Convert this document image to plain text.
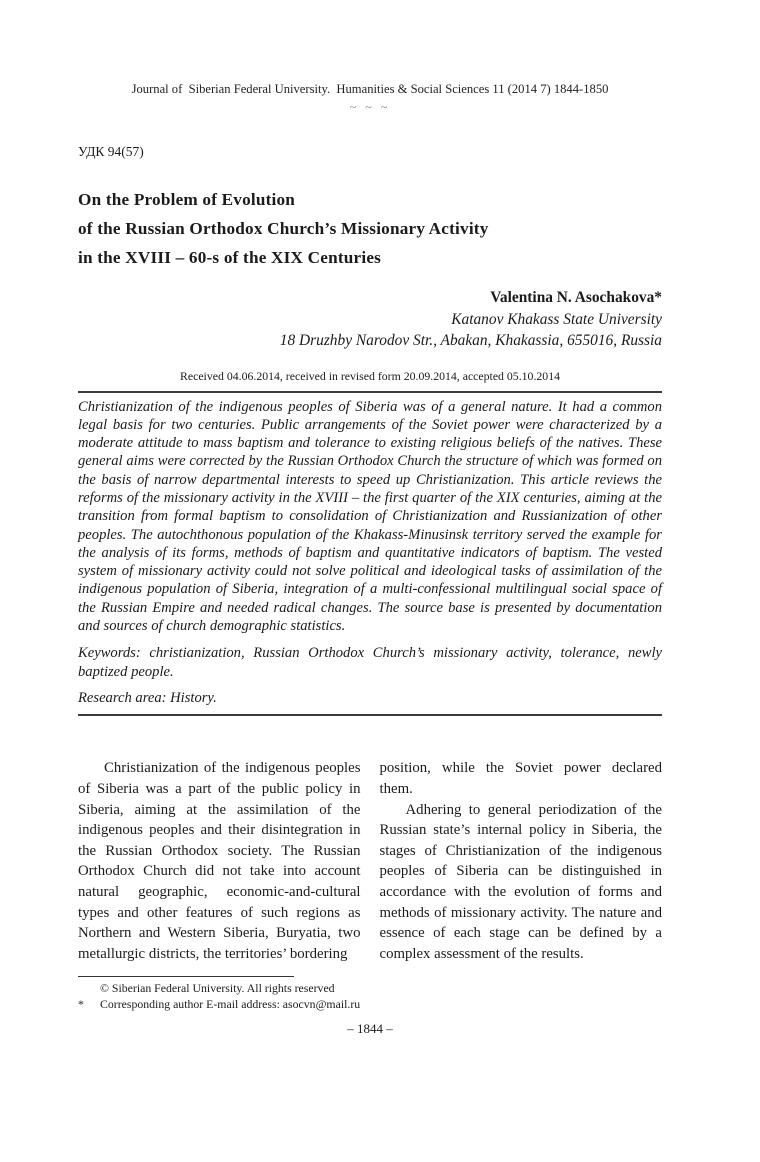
Journal of  Siberian Federal University.  Humanities & Social Sciences 11 (2014 7) 1844-1850
~ ~ ~
УДК 94(57)
On the Problem of Evolution
of the Russian Orthodox Church’s Missionary Activity
in the XVIII – 60-s of the XIX Centuries
Valentina N. Asochakova*
Katanov Khakass State University
18 Druzhby Narodov Str., Abakan, Khakassia, 655016, Russia
Received 04.06.2014, received in revised form 20.09.2014, accepted 05.10.2014

Christianization of the indigenous peoples of Siberia was of a general nature. It had a common legal basis for two centuries. Public arrangements of the Soviet power were characterized by a moderate attitude to mass baptism and tolerance to existing religious beliefs of the natives. These general aims were corrected by the Russian Orthodox Church the structure of which was formed on the basis of narrow departmental interests to speed up Christianization. This article reviews the reforms of the missionary activity in the XVIII – the first quarter of the XIX centuries, aiming at the transition from formal baptism to consolidation of Christianization and Russianization of other peoples. The autochthonous population of the Khakass-Minusinsk territory served the example for the analysis of its forms, methods of baptism and quantitative indicators of baptism. The vested system of missionary activity could not solve political and ideological tasks of assimilation of the indigenous population of Siberia, integration of a multi-confessional multilingual social space of the Russian Empire and needed radical changes. The source base is presented by documentation and sources of church demographic statistics.

Keywords: christianization, Russian Orthodox Church’s missionary activity, tolerance, newly baptized people.

Research area: History.

Christianization of the indigenous peoples of Siberia was a part of the public policy in Siberia, aiming at the assimilation of the indigenous peoples and their disintegration in the Russian Orthodox society. The Russian Orthodox Church did not take into account natural geographic, economic-and-cultural types and other features of such regions as Northern and Western Siberia, Buryatia, two metallurgic districts, the territories’ bordering

position, while the Soviet power declared them.

Adhering to general periodization of the Russian state’s internal policy in Siberia, the stages of Christianization of the indigenous peoples of Siberia can be distinguished in accordance with the evolution of forms and methods of missionary activity. The nature and essence of each stage can be defined by a complex assessment of the results.

© Siberian Federal University. All rights reserved
*	Corresponding author E-mail address: asocvn@mail.ru
– 1844 –
